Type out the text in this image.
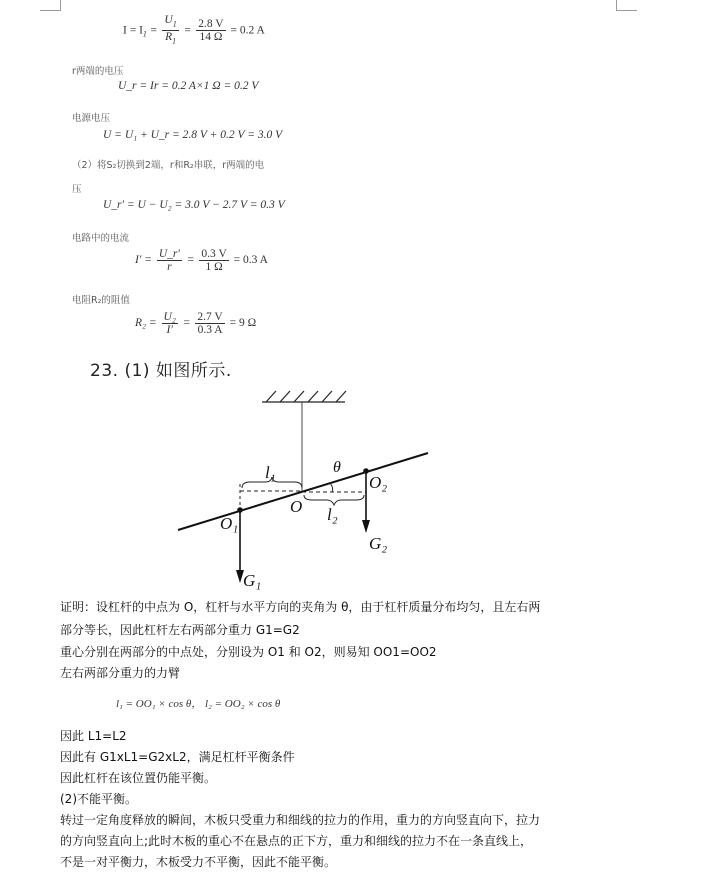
$I = I_1 = \frac{U_1}{R_1} = \frac{2.8 V}{14 \Omega} = 0.2$ A
r两端的电压
U_r = Ir = 0.2 A×1 Ω = 0.2 V
电源电压
U = U₁ + U_r = 2.8 V + 0.2 V = 3.0 V
（2）将S₂切换到2端，r和R₂串联，r两端的电
压
U_r′ = U − U₂ = 3.0 V − 2.7 V = 0.3 V
电路中的电流
$I' = \frac{U\_r'}{r} = \frac{0.3 V}{1 \Omega} = 0.3$ A
电阻R₂的阻值
$R_2 = \frac{\text{U₂}}{I'} = \frac{2.7 V}{0.3 A} = 9$ Ω
23. (1) 如图所示.
l₁	θ
O
O₂
l₂
O₁
G₂
G₁
证明：设杠杆的中点为 O，杠杆与水平方向的夹角为 θ，由于杠杆质量分布均匀，且左右两
部分等长，因此杠杆左右两部分重力 G1=G2
重心分别在两部分的中点处，分别设为 O1 和 O2，则易知 OO1=OO2
左右两部分重力的力臂
l₁ = OO₁ × cos θ， l₂ = OO₂ × cos θ
因此 L1=L2
因此有 G1xL1=G2xL2，满足杠杆平衡条件
因此杠杆在该位置仍能平衡。
(2)不能平衡。
转过一定角度释放的瞬间，木板只受重力和细线的拉力的作用，重力的方向竖直向下，拉力
的方向竖直向上;此时木板的重心不在悬点的正下方，重力和细线的拉力不在一条直线上，
不是一对平衡力，木板受力不平衡，因此不能平衡。
